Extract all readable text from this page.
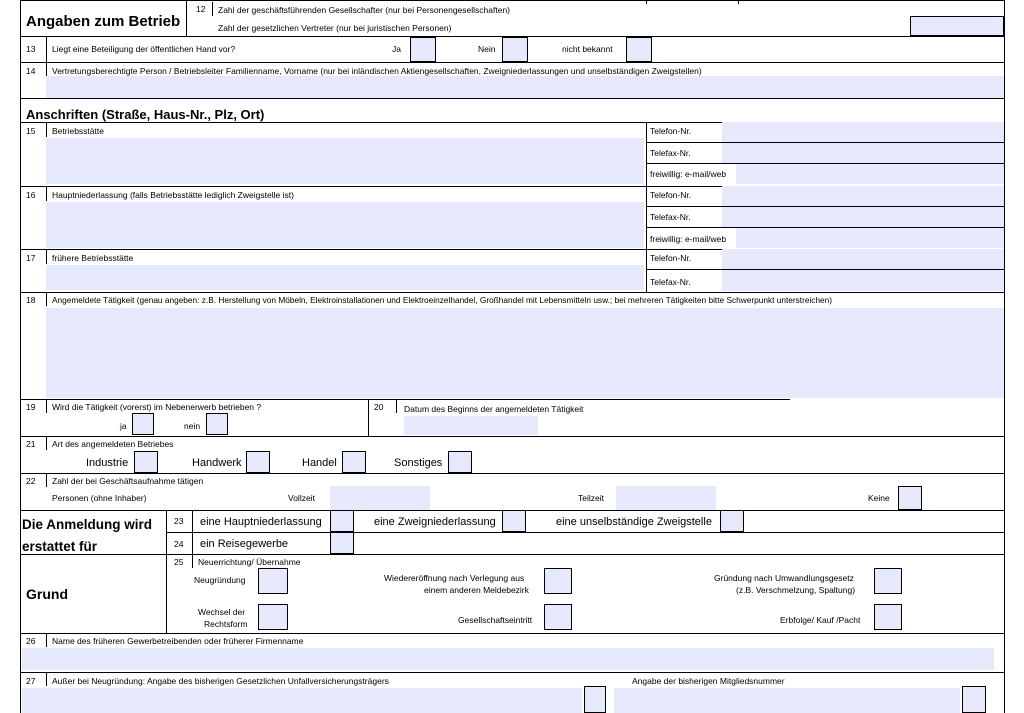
Angaben zum Betrieb
12 Zahl der geschäftsführenden Gesellschafter (nur bei Personengesellschaften)
Zahl der gesetzlichen Vertreter (nur bei juristischen Personen)
13 Liegt eine Beteiligung der öffentlichen Hand vor?	Ja	Nein	nicht bekannt
14 Vertretungsberechtigte Person / Betriebsleiter Familienname, Vorname (nur bei inländischen Aktiengesellschaften, Zweigniederlassungen und unselbständigen Zweigstellen)
Anschriften (Straße, Haus-Nr., Plz, Ort)
15 Betriebsstätte	Telefon-Nr.
Telefax-Nr.
freiwillig: e-mail/web
16 Hauptniederlassung (falls Betriebsstätte lediglich Zweigstelle ist)	Telefon-Nr.
Telefax-Nr.
freiwillig: e-mail/web
17 frühere Betriebsstätte	Telefon-Nr.
Telefax-Nr.
18 Angemeldete Tätigkeit (genau angeben: z.B. Herstellung von Möbeln, Elektroinstallationen und Elektroeinzelhandel, Großhandel mit Lebensmitteln usw.; bei mehreren Tätigkeiten bitte Schwerpunkt unterstreichen)
19 Wird die Tätigkeit (vorerst) im Nebenerwerb betrieben ?
ja	nein
20 Datum des Beginns der angemeldeten Tätigkeit
21 Art des angemeldeten Betriebes
Industrie	Handwerk	Handel	Sonstiges
22 Zahl der bei Geschäftsaufnahme tätigen
Personen (ohne Inhaber)	Vollzeit	Teilzeit	Keine
Die Anmeldung wird
erstattet für
23 eine Hauptniederlassung	eine Zweigniederlassung	eine unselbständige Zweigstelle
24 ein Reisegewerbe
Grund
25 Neuerrichtung/ Übernahme
Neugründung
Wechsel der
Rechtsform
Wiedereröffnung nach Verlegung aus
einem anderen Meldebezirk
Gesellschaftseintritt
Gründung nach Umwandlungsgesetz
(z.B. Verschmelzung, Spaltung)
Erbfolge/ Kauf /Pacht
26 Name des früheren Gewerbetreibenden oder früherer Firmenname
27 Außer bei Neugründung: Angabe des bisherigen Gesetzlichen Unfallversicherungsträgers	Angabe der bisherigen Mitgliedsnummer
